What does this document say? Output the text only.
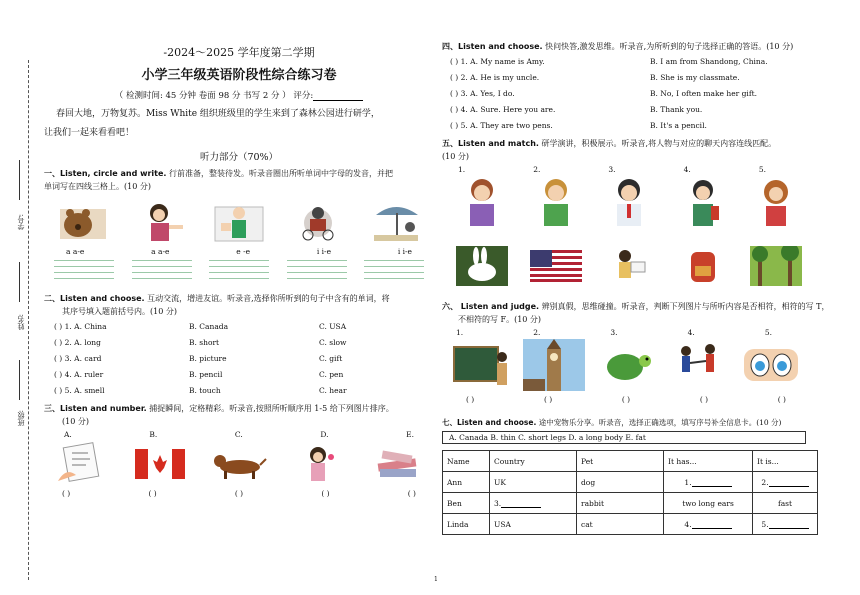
学号:
姓名:
班级:
-2024～2025 学年度第二学期
小学三年级英语阶段性综合练习卷
（ 检测时间: 45 分钟 卷面 98 分 书写 2 分 ） 评分:
春回大地，万物复苏。Miss White 组织班级里的学生来到了森林公园进行研学，
让我们一起来看看吧！
听力部分（70%）
一、Listen, circle and write. 行前准备，整装待发。听录音圈出所听单词中字母的发音，并把
单词写在四线三格上。(10 分)
a a-e	a a-e	e -e	i i-e	i i-e
二、Listen and choose. 互动交流，增进友谊。听录音,选择你所听到的句子中含有的单词，将
其序号填入题前括号内。(10 分)
( ) 1. A. China	B. Canada	C. USA
( ) 2. A. long	B. short	C. slow
( ) 3. A. card	B. picture	C. gift
( ) 4. A. ruler	B. pencil	C. pen
( ) 5. A. smell	B. touch	C. hear
三、Listen and number. 捕捉瞬间，定格精彩。听录音,按照所听顺序用 1-5 给下列图片排序。
(10 分)
A.	B.	C.	D.	E.
( )	( )	( )	( )	( )
四、Listen and choose. 快问快答,激发思维。听录音,为所听到的句子选择正确的答语。(10 分)
( ) 1. A. My name is Amy.	B. I am from Shandong, China.
( ) 2. A. He is my uncle.	B. She is my classmate.
( ) 3. A. Yes, I do.	B. No, I often make her gift.
( ) 4. A. Sure. Here you are.	B. Thank you.
( ) 5. A. They are two pens.	B. It's a pencil.
五、Listen and match. 研学演讲，积极展示。听录音,将人物与对应的聊天内容连线匹配。
(10 分)
1.	2.	3.	4.	5.
六、 Listen and judge. 辨别真假，思维碰撞。听录音，判断下列图片与所听内容是否相符，相符的写 T，
不相符的写 F。(10 分)
1.	2.	3.	4.	5.
( )	( )	( )	( )	( )
七、Listen and choose. 途中宠物乐分享。听录音，选择正确选项，填写序号补全信息卡。(10 分)
A. Canada B. thin C. short legs D. a long body E. fat
Name	Country	Pet	It has...	It is...
Ann	UK	dog	1.	2.
Ben	3.	rabbit	two long ears	fast
Linda	USA	cat	4.	5.
1
